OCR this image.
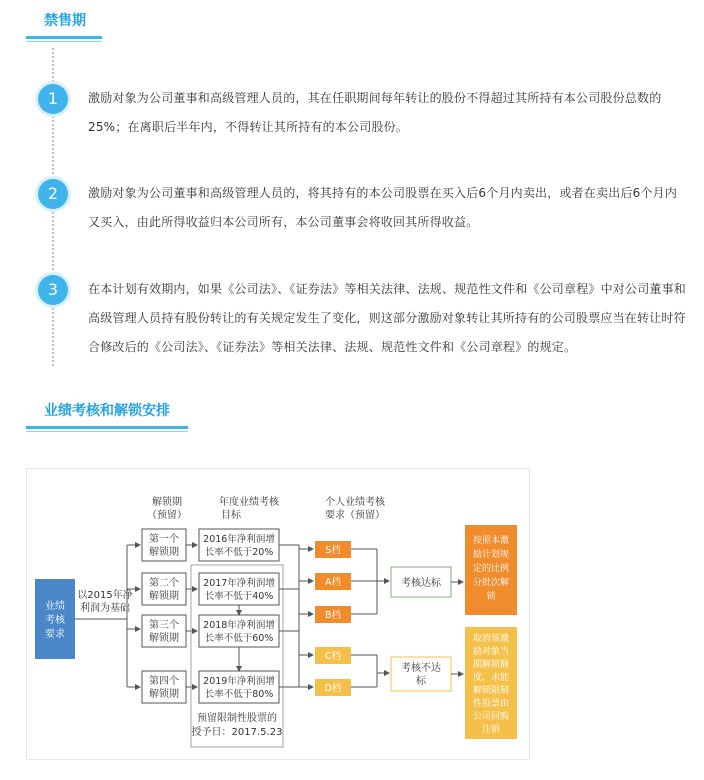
禁售期
1	激励对象为公司董事和高级管理人员的，其在任职期间每年转让的股份不得超过其所持有本公司股份总数的25%；在离职后半年内，不得转让其所持有的本公司股份。
2	激励对象为公司董事和高级管理人员的，将其持有的本公司股票在买入后6个月内卖出，或者在卖出后6个月内又买入，由此所得收益归本公司所有，本公司董事会将收回其所得收益。
3	在本计划有效期内，如果《公司法》、《证券法》等相关法律、法规、规范性文件和《公司章程》中对公司董事和高级管理人员持有股份转让的有关规定发生了变化，则这部分激励对象转让其所持有的公司股票应当在转让时符合修改后的《公司法》、《证券法》等相关法律、法规、规范性文件和《公司章程》的规定。
业绩考核和解锁安排
解锁期
（预留）
年度业绩考核
目标
个人业绩考核
要求（预留）
业绩
考核
要求
以2015年净
利润为基础
第一个
解锁期
第二个
解锁期
第三个
解锁期
第四个
解锁期
2016年净利润增
长率不低于20%
2017年净利润增
长率不低于40%
2018年净利润增
长率不低于60%
2019年净利润增
长率不低于80%
预留限制性股票的
授予日：2017.5.23
S档
A档
B档
C档
D档
考核达标
考核不达
标
按照本激
励计划规
定的比例
分批次解
锁
取消该激
励对象当
期解锁额
度，未能
解锁限制
性股票由
公司回购
注销
